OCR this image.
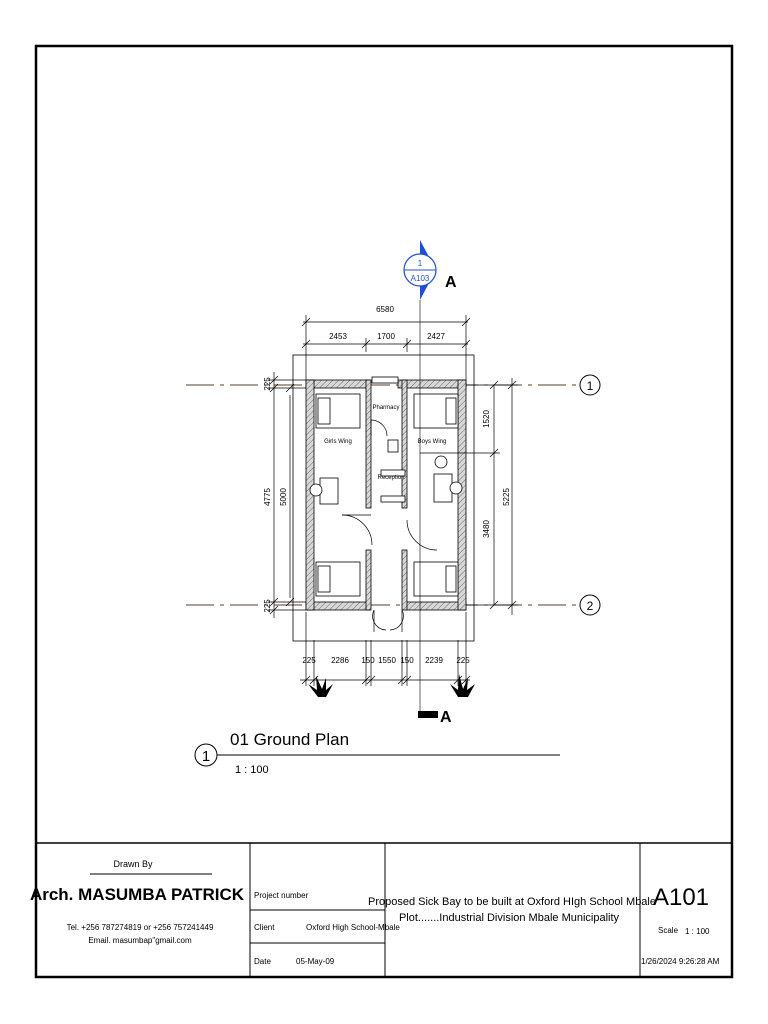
1
2
Pharmacy
Girls Wing	Boys Wing
Reception
6580
2453	1700	2427
225 2286 150 1550 150 2239 225
225
4775 5000
225
1520
5225
3480
1
A103 A
A
1
01 Ground Plan
1 : 100
Drawn By
Arch. MASUMBA PATRICK
Tel. +256 787274819 or +256 757241449
Email. masumbap"gmail.com
Project number
Client	Oxford High School-Mbale
Date	05-May-09
Proposed Sick Bay to be built at Oxford HIgh School Mbale
Plot.......Industrial Division Mbale Municipality
A101
Scale 1 : 100
1/26/2024 9:26:28 AM
